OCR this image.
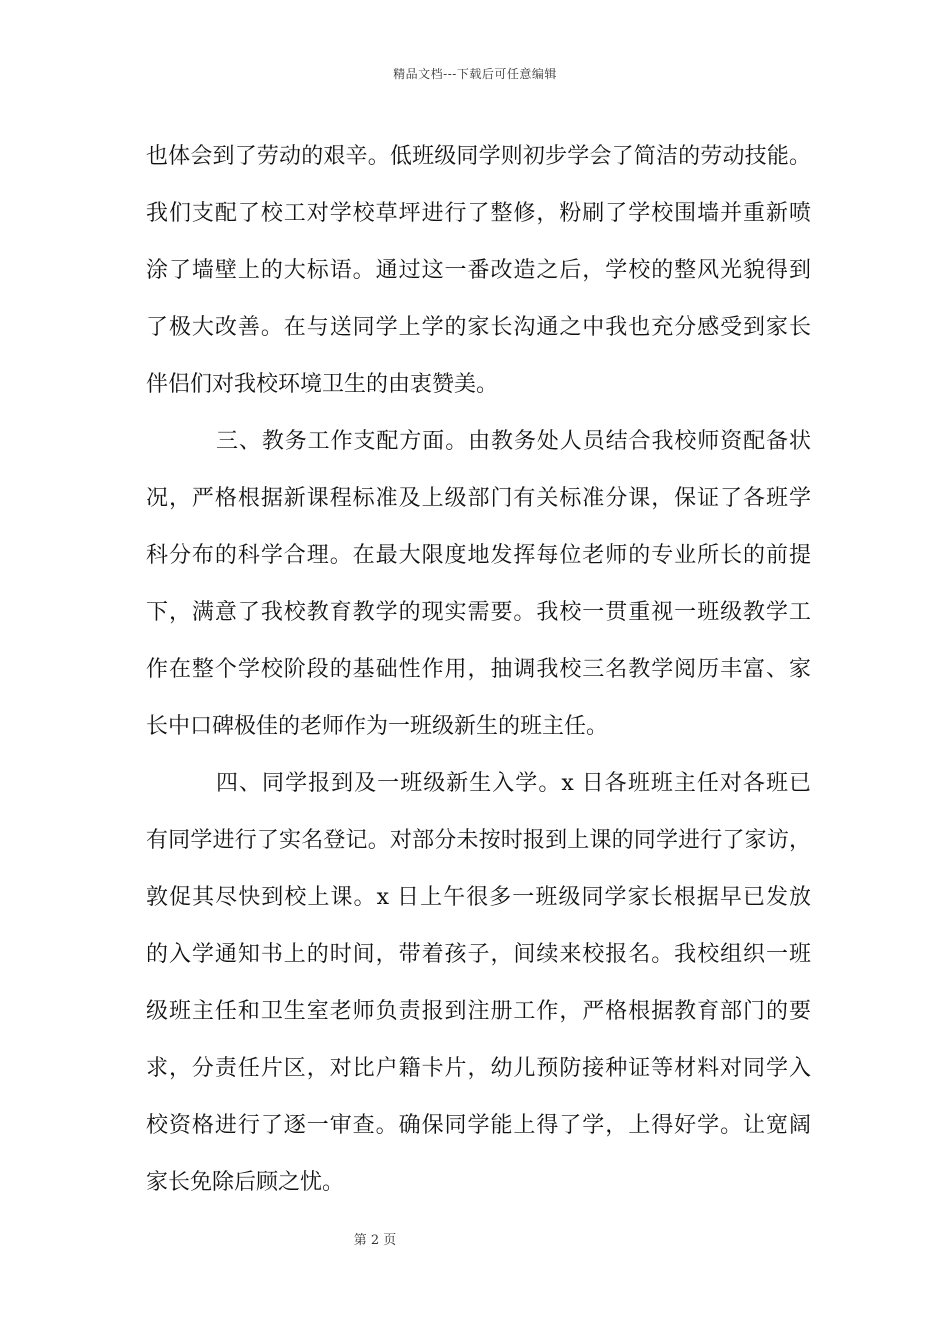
精品文档---下载后可任意编辑

也体会到了劳动的艰辛。低班级同学则初步学会了简洁的劳动技能。
我们支配了校工对学校草坪进行了整修，粉刷了学校围墙并重新喷
涂了墙壁上的大标语。通过这一番改造之后，学校的整风光貌得到
了极大改善。在与送同学上学的家长沟通之中我也充分感受到家长
伴侣们对我校环境卫生的由衷赞美。

三、教务工作支配方面。由教务处人员结合我校师资配备状
况，严格根据新课程标准及上级部门有关标准分课，保证了各班学
科分布的科学合理。在最大限度地发挥每位老师的专业所长的前提
下，满意了我校教育教学的现实需要。我校一贯重视一班级教学工
作在整个学校阶段的基础性作用，抽调我校三名教学阅历丰富、家
长中口碑极佳的老师作为一班级新生的班主任。

四、同学报到及一班级新生入学。x 日各班班主任对各班已
有同学进行了实名登记。对部分未按时报到上课的同学进行了家访，
敦促其尽快到校上课。x 日上午很多一班级同学家长根据早已发放
的入学通知书上的时间，带着孩子，间续来校报名。我校组织一班
级班主任和卫生室老师负责报到注册工作，严格根据教育部门的要
求，分责任片区，对比户籍卡片，幼儿预防接种证等材料对同学入
校资格进行了逐一审查。确保同学能上得了学，上得好学。让宽阔
家长免除后顾之忧。

第 2 页
